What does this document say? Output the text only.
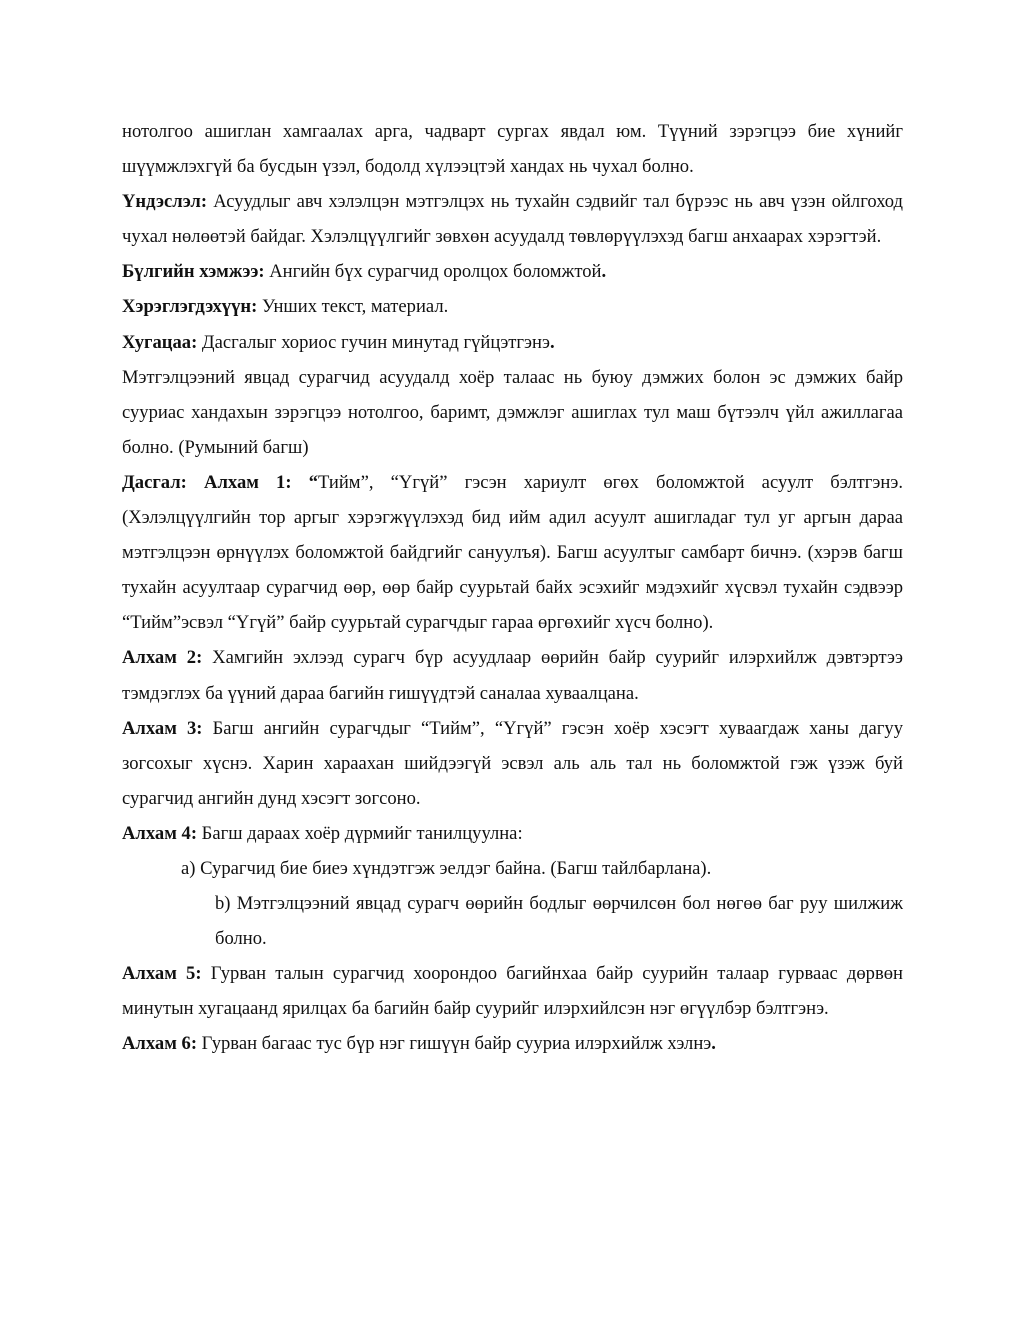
нотолгоо ашиглан хамгаалах арга, чадварт сургах явдал юм. Түүний зэрэгцээ бие хүнийг шүүмжлэхгүй ба бусдын үзэл, бодолд хүлээцтэй хандах нь чухал болно.

Үндэслэл: Асуудлыг авч хэлэлцэн мэтгэлцэх нь тухайн сэдвийг тал бүрээс нь авч үзэн ойлгоход чухал нөлөөтэй байдаг. Хэлэлцүүлгийг зөвхөн асуудалд төвлөрүүлэхэд багш анхаарах хэрэгтэй.

Бүлгийн хэмжээ: Ангийн бүх сурагчид оролцох боломжтой.

Хэрэглэгдэхүүн: Унших текст, материал.

Хугацаа: Дасгалыг хориос гучин минутад гүйцэтгэнэ.

Мэтгэлцээний явцад сурагчид асуудалд хоёр талаас нь буюу дэмжих болон эс дэмжих байр сууриас хандахын зэрэгцээ нотолгоо, баримт, дэмжлэг ашиглах тул маш бүтээлч үйл ажиллагаа болно. (Румыний багш)

Дасгал: Алхам 1: “Тийм”, “Үгүй” гэсэн хариулт өгөх боломжтой асуулт бэлтгэнэ. (Хэлэлцүүлгийн тор аргыг хэрэгжүүлэхэд бид ийм адил асуулт ашигладаг тул уг аргын дараа мэтгэлцээн өрнүүлэх боломжтой байдгийг сануулъя). Багш асуултыг самбарт бичнэ. (хэрэв багш тухайн асуултаар сурагчид өөр, өөр байр суурьтай байх эсэхийг мэдэхийг хүсвэл тухайн сэдвээр “Тийм”эсвэл “Үгүй” байр суурьтай сурагчдыг гараа өргөхийг хүсч болно).

Алхам 2: Хамгийн эхлээд сурагч бүр асуудлаар өөрийн байр суурийг илэрхийлж дэвтэртээ тэмдэглэх ба үүний дараа багийн гишүүдтэй саналаа хуваалцана.

Алхам 3: Багш ангийн сурагчдыг “Тийм”, “Үгүй” гэсэн хоёр хэсэгт хуваагдаж ханы дагуу зогсохыг хүснэ. Харин хараахан шийдээгүй эсвэл аль аль тал нь боломжтой гэж үзэж буй сурагчид ангийн дунд хэсэгт зогсоно.

Алхам 4: Багш дараах хоёр дүрмийг танилцуулна:

a) Сурагчид бие биеэ хүндэтгэж эелдэг байна. (Багш тайлбарлана).

b) Мэтгэлцээний явцад сурагч өөрийн бодлыг өөрчилсөн бол нөгөө баг руу шилжиж болно.

Алхам 5: Гурван талын сурагчид хоорондоо багийнхаа байр суурийн талаар гурваас дөрвөн минутын хугацаанд ярилцах ба багийн байр суурийг илэрхийлсэн нэг өгүүлбэр бэлтгэнэ.

Алхам 6: Гурван багаас тус бүр нэг гишүүн байр сууриа илэрхийлж хэлнэ.
